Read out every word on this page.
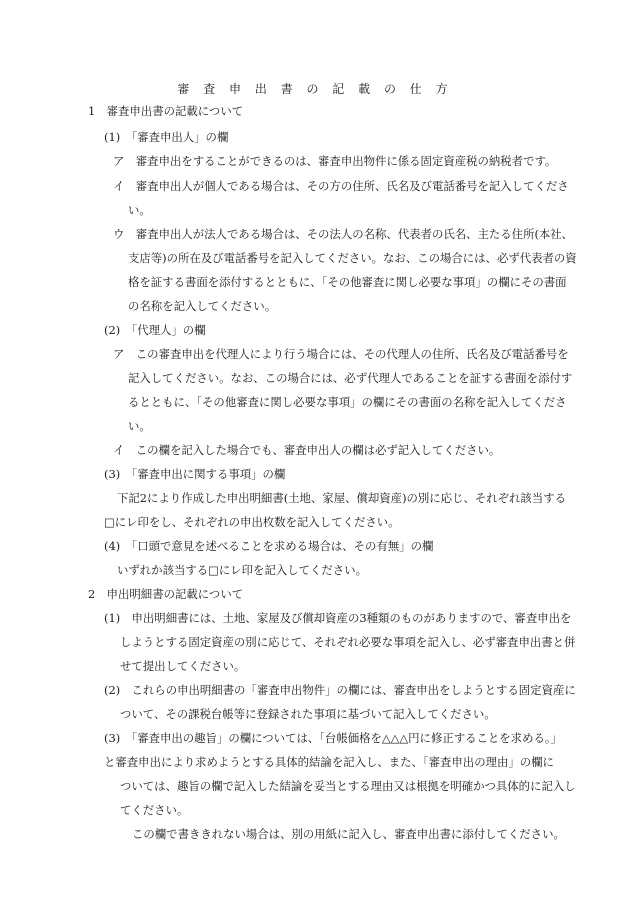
審 査 申 出 書 の 記 載 の 仕 方
1　審査申出書の記載について
(1)　「審査申出人」の欄
ア　審査申出をすることができるのは、審査申出物件に係る固定資産税の納税者です。
イ　審査申出人が個人である場合は、その方の住所、氏名及び電話番号を記入してくださ
い。
ウ　審査申出人が法人である場合は、その法人の名称、代表者の氏名、主たる住所(本社、
支店等)の所在及び電話番号を記入してください。なお、この場合には、必ず代表者の資
格を証する書面を添付するとともに、「その他審査に関し必要な事項」の欄にその書面
の名称を記入してください。
(2)　「代理人」の欄
ア　この審査申出を代理人により行う場合には、その代理人の住所、氏名及び電話番号を
記入してください。なお、この場合には、必ず代理人であることを証する書面を添付す
るとともに、「その他審査に関し必要な事項」の欄にその書面の名称を記入してくださ
い。
イ　この欄を記入した場合でも、審査申出人の欄は必ず記入してください。
(3)　「審査申出に関する事項」の欄
下記2により作成した申出明細書(土地、家屋、償却資産)の別に応じ、それぞれ該当する
□にレ印をし、それぞれの申出枚数を記入してください。
(4)　「口頭で意見を述べることを求める場合は、その有無」の欄
いずれか該当する□にレ印を記入してください。
2　申出明細書の記載について
(1)　申出明細書には、土地、家屋及び償却資産の3種類のものがありますので、審査申出を
しようとする固定資産の別に応じて、それぞれ必要な事項を記入し、必ず審査申出書と併
せて提出してください。
(2)　これらの申出明細書の「審査申出物件」の欄には、審査申出をしようとする固定資産に
ついて、その課税台帳等に登録された事項に基づいて記入してください。
(3)　「審査申出の趣旨」の欄については、「台帳価格を△△△円に修正することを求める。」
と審査申出により求めようとする具体的結論を記入し、また、「審査申出の理由」の欄に
ついては、趣旨の欄で記入した結論を妥当とする理由又は根拠を明確かつ具体的に記入し
てください。
この欄で書ききれない場合は、別の用紙に記入し、審査申出書に添付してください。
